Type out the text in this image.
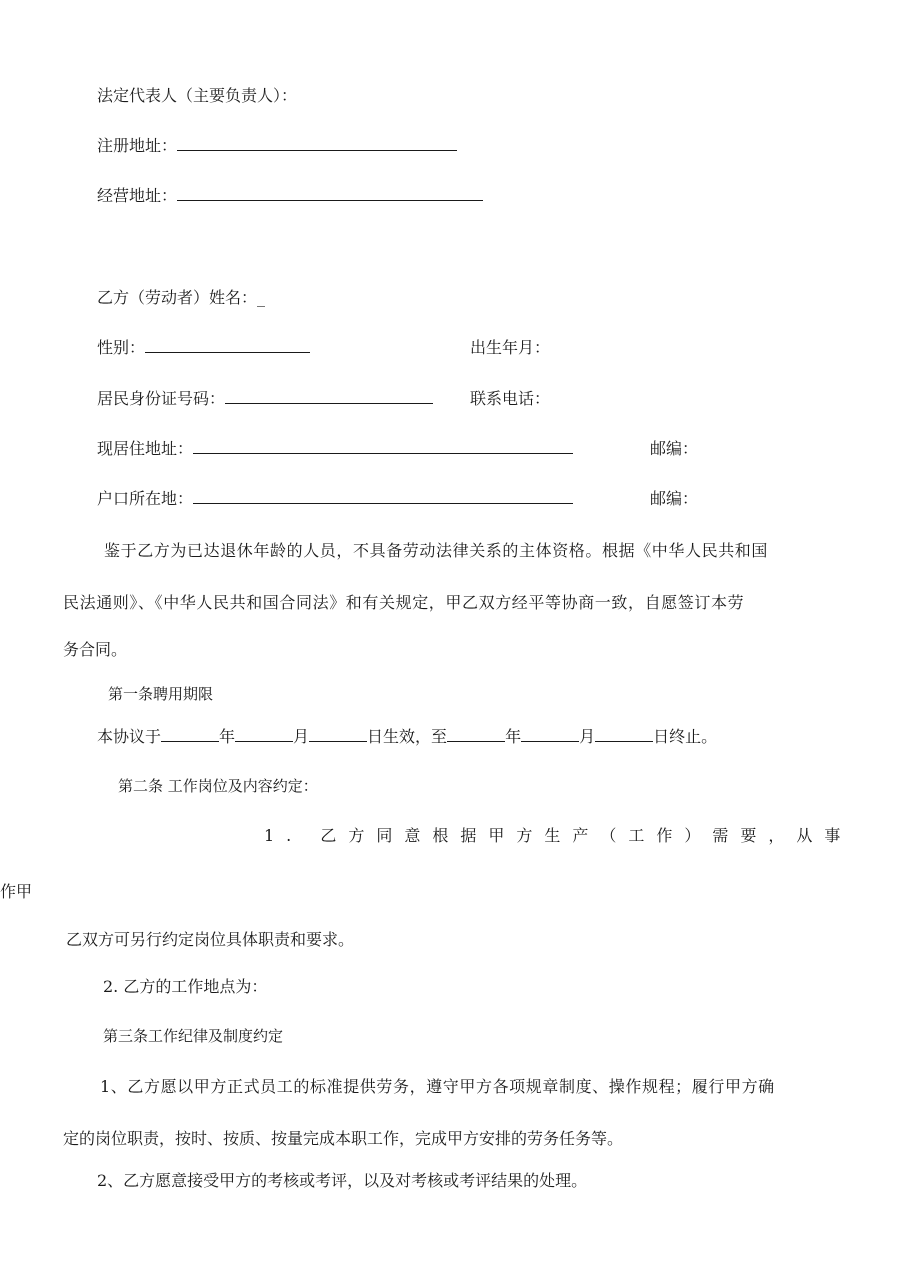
法定代表人（主要负责人）：
注册地址：
经营地址：
乙方（劳动者）姓名：_
性别：	出生年月：
居民身份证号码：	联系电话：
现居住地址：	邮编：
户口所在地：	邮编：
鉴于乙方为已达退休年龄的人员，不具备劳动法律关系的主体资格。根据《中华人民共和国
民法通则》、《中华人民共和国合同法》和有关规定，甲乙双方经平等协商一致，自愿签订本劳
务合同。
第一条聘用期限
本协议于	年	月	日生效，至	年	月	日终止。
第二条 工作岗位及内容约定：
1. 乙方同意根据甲方生产（工作）需要，从事
作甲
乙双方可另行约定岗位具体职责和要求。
2. 乙方的工作地点为：
第三条工作纪律及制度约定
1、乙方愿以甲方正式员工的标准提供劳务，遵守甲方各项规章制度、操作规程；履行甲方确
定的岗位职责，按时、按质、按量完成本职工作，完成甲方安排的劳务任务等。
2、乙方愿意接受甲方的考核或考评，以及对考核或考评结果的处理。
